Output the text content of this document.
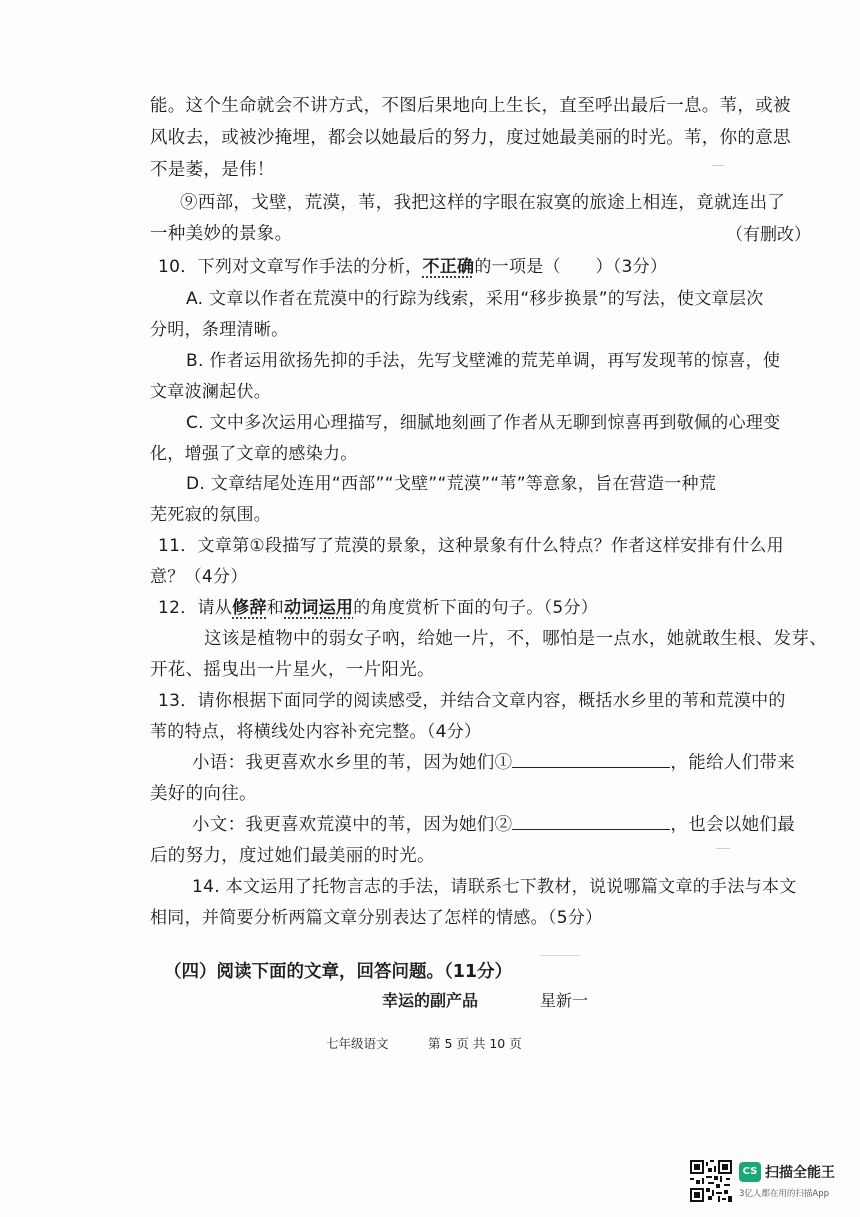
能。这个生命就会不讲方式，不图后果地向上生长，直至呼出最后一息。苇，或被
风收去，或被沙掩埋，都会以她最后的努力，度过她最美丽的时光。苇，你的意思
不是萎，是伟！
⑨西部，戈壁，荒漠，苇，我把这样的字眼在寂寞的旅途上相连，竟就连出了
一种美妙的景象。	（有删改）
10．下列对文章写作手法的分析，不正确的一项是（　　）（3分）
A. 文章以作者在荒漠中的行踪为线索，采用“移步换景”的写法，使文章层次
分明，条理清晰。
B. 作者运用欲扬先抑的手法，先写戈壁滩的荒芜单调，再写发现苇的惊喜，使
文章波澜起伏。
C. 文中多次运用心理描写，细腻地刻画了作者从无聊到惊喜再到敬佩的心理变
化，增强了文章的感染力。
D. 文章结尾处连用“西部”“戈壁”“荒漠”“苇”等意象，旨在营造一种荒
芜死寂的氛围。
11．文章第①段描写了荒漠的景象，这种景象有什么特点？作者这样安排有什么用
意？（4分）
12．请从修辞和动词运用的角度赏析下面的句子。（5分）
这该是植物中的弱女子吶，给她一片，不，哪怕是一点水，她就敢生根、发芽、
开花、摇曳出一片星火，一片阳光。
13．请你根据下面同学的阅读感受，并结合文章内容，概括水乡里的苇和荒漠中的
苇的特点，将横线处内容补充完整。（4分）
小语：我更喜欢水乡里的苇，因为她们①	，能给人们带来
美好的向往。
小文：我更喜欢荒漠中的苇，因为她们②	，也会以她们最
后的努力，度过她们最美丽的时光。
14. 本文运用了托物言志的手法，请联系七下教材，说说哪篇文章的手法与本文
相同，并简要分析两篇文章分别表达了怎样的情感。（5分）
（四）阅读下面的文章，回答问题。（11分）
幸运的副产品	星新一
七年级语文	第 5 页 共 10 页
CS 扫描全能王
3亿人都在用的扫描App
